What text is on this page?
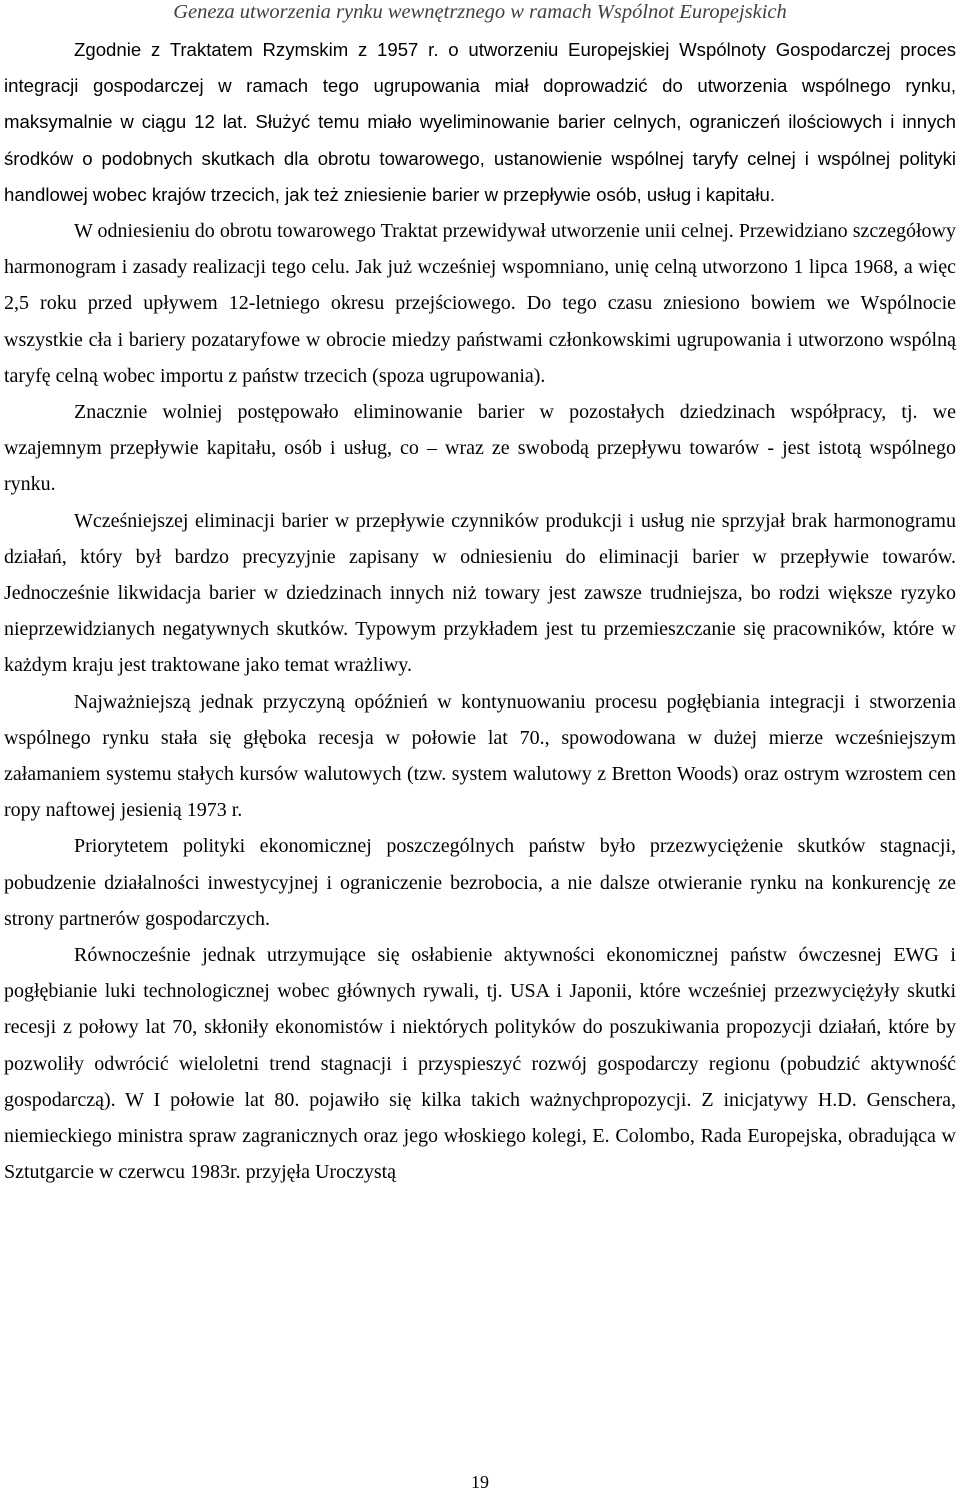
Geneza utworzenia rynku wewnętrznego w ramach Wspólnot Europejskich

Zgodnie z Traktatem Rzymskim z 1957 r. o utworzeniu Europejskiej Wspólnoty Gospodarczej proces integracji gospodarczej w ramach tego ugrupowania miał doprowadzić do utworzenia wspólnego rynku, maksymalnie w ciągu 12 lat. Służyć temu miało wyeliminowanie barier celnych, ograniczeń ilościowych i innych środków o podobnych skutkach dla obrotu towarowego, ustanowienie wspólnej taryfy celnej i wspólnej polityki handlowej wobec krajów trzecich, jak też zniesienie barier w przepływie osób, usług i kapitału.

W odniesieniu do obrotu towarowego Traktat przewidywał utworzenie unii celnej. Przewidziano szczegółowy harmonogram i zasady realizacji tego celu. Jak już wcześniej wspomniano, unię celną utworzono 1 lipca 1968, a więc 2,5 roku przed upływem 12-letniego okresu przejściowego. Do tego czasu zniesiono bowiem we Wspólnocie wszystkie cła i bariery pozataryfowe w obrocie miedzy państwami członkowskimi ugrupowania i utworzono wspólną taryfę celną wobec importu z państw trzecich (spoza ugrupowania).

Znacznie wolniej postępowało eliminowanie barier w pozostałych dziedzinach współpracy, tj. we wzajemnym przepływie kapitału, osób i usług, co – wraz ze swobodą przepływu towarów - jest istotą wspólnego rynku.

Wcześniejszej eliminacji barier w przepływie czynników produkcji i usług nie sprzyjał brak harmonogramu działań, który był bardzo precyzyjnie zapisany w odniesieniu do eliminacji barier w przepływie towarów. Jednocześnie likwidacja barier w dziedzinach innych niż towary jest zawsze trudniejsza, bo rodzi większe ryzyko nieprzewidzianych negatywnych skutków. Typowym przykładem jest tu przemieszczanie się pracowników, które w każdym kraju jest traktowane jako temat wrażliwy.

Najważniejszą jednak przyczyną opóźnień w kontynuowaniu procesu pogłębiania integracji i stworzenia wspólnego rynku stała się głęboka recesja w połowie lat 70., spowodowana w dużej mierze wcześniejszym załamaniem systemu stałych kursów walutowych (tzw. system walutowy z Bretton Woods) oraz ostrym wzrostem cen ropy naftowej jesienią 1973 r.

Priorytetem polityki ekonomicznej poszczególnych państw było przezwyciężenie skutków stagnacji, pobudzenie działalności inwestycyjnej i ograniczenie bezrobocia, a nie dalsze otwieranie rynku na konkurencję ze strony partnerów gospodarczych.

Równocześnie jednak utrzymujące się osłabienie aktywności ekonomicznej państw ówczesnej EWG i pogłębianie luki technologicznej wobec głównych rywali, tj. USA i Japonii, które wcześniej przezwyciężyły skutki recesji z połowy lat 70, skłoniły ekonomistów i niektórych polityków do poszukiwania propozycji działań, które by pozwoliły odwrócić wieloletni trend stagnacji i przyspieszyć rozwój gospodarczy regionu (pobudzić aktywność gospodarczą). W I połowie lat 80. pojawiło się kilka takich ważnychpropozycji. Z inicjatywy H.D. Genschera, niemieckiego ministra spraw zagranicznych oraz jego włoskiego kolegi, E. Colombo, Rada Europejska, obradująca w Sztutgarcie w czerwcu 1983r. przyjęła Uroczystą

19
